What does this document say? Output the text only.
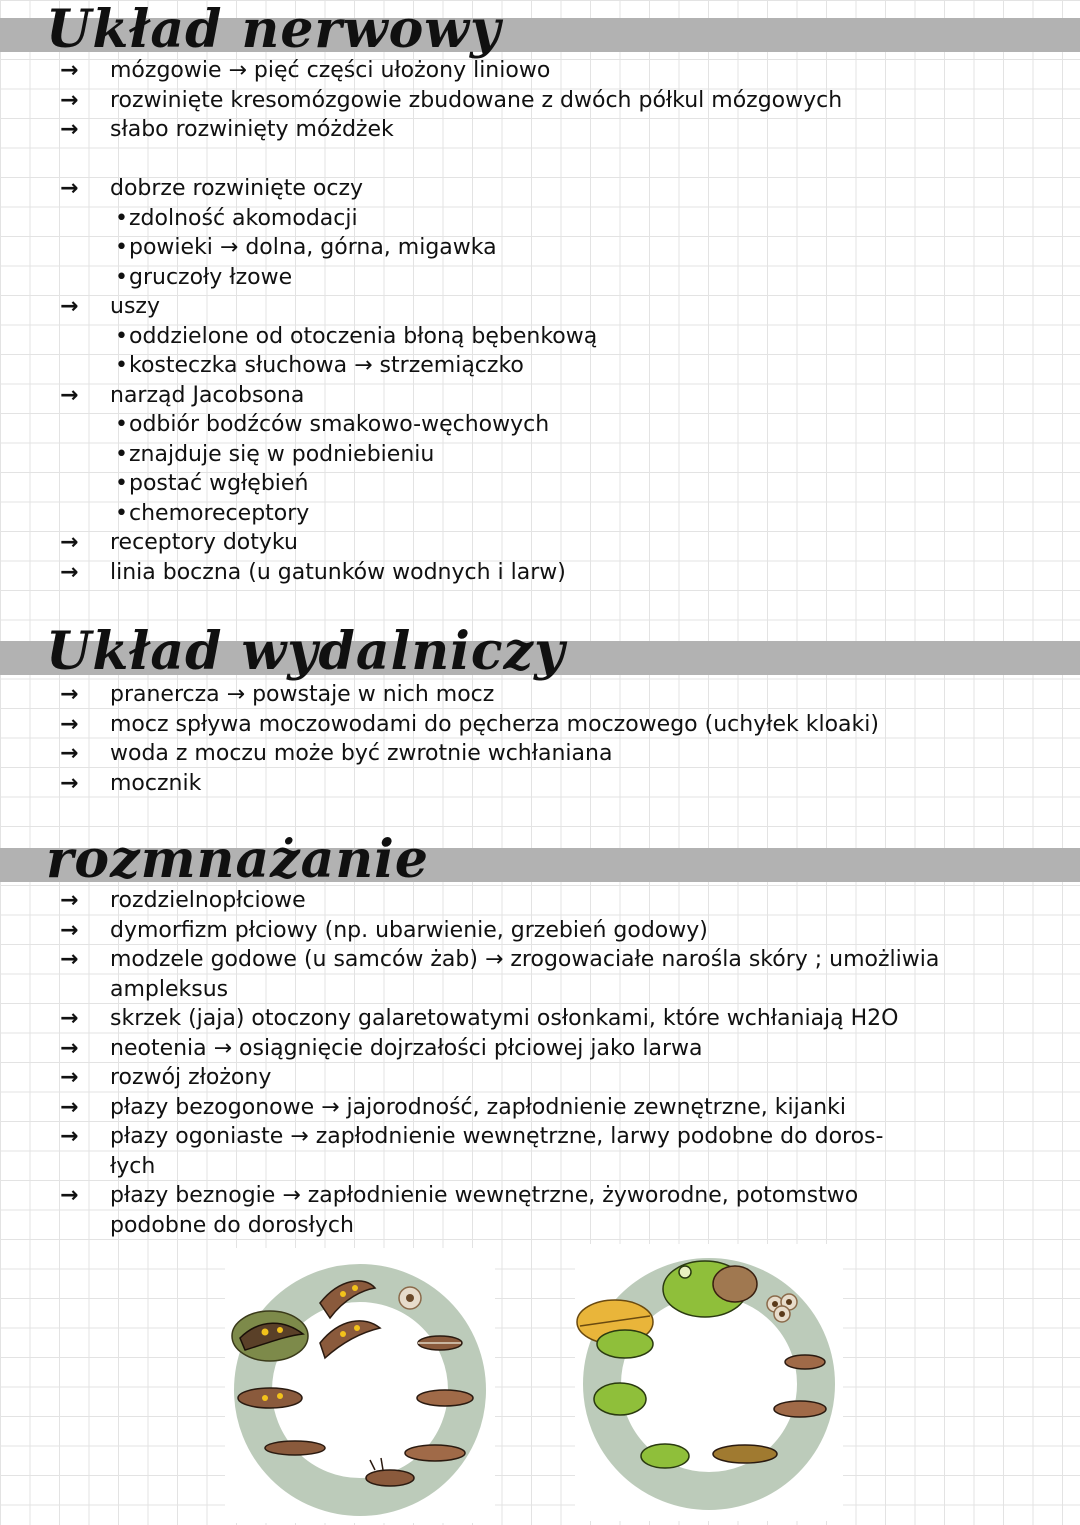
Układ nerwowy
→	mózgowie → pięć części ułożony liniowo
→	rozwinięte kresomózgowie zbudowane z dwóch półkul mózgowych
→	słabo rozwinięty móżdżek
→	dobrze rozwinięte oczy
• zdolność akomodacji
• powieki → dolna, górna, migawka
• gruczoły łzowe
→	uszy
• oddzielone od otoczenia błoną bębenkową
• kosteczka słuchowa → strzemiączko
→	narząd Jacobsona
• odbiór bodźców smakowo-węchowych
• znajduje się w podniebieniu
• postać wgłębień
• chemoreceptory
→	receptory dotyku
→	linia boczna (u gatunków wodnych i larw)
Układ wydalniczy
→	pranercza → powstaje w nich mocz
→	mocz spływa moczowodami do pęcherza moczowego (uchyłek kloaki)
→	woda z moczu może być zwrotnie wchłaniana
→	mocznik
rozmnażanie
→	rozdzielnopłciowe
→	dymorfizm płciowy (np. ubarwienie, grzebień godowy)
→	modzele godowe (u samców żab) → zrogowaciałe narośla skóry ; umożliwia
ampleksus
→	skrzek (jaja) otoczony galaretowatymi osłonkami, które wchłaniają H2O
→	neotenia → osiągnięcie dojrzałości płciowej jako larwa
→	rozwój złożony
→	płazy bezogonowe → jajorodność, zapłodnienie zewnętrzne, kijanki
→	płazy ogoniaste → zapłodnienie wewnętrzne, larwy podobne do doros-
łych
→	płazy beznogie → zapłodnienie wewnętrzne, żyworodne, potomstwo
podobne do dorosłych
